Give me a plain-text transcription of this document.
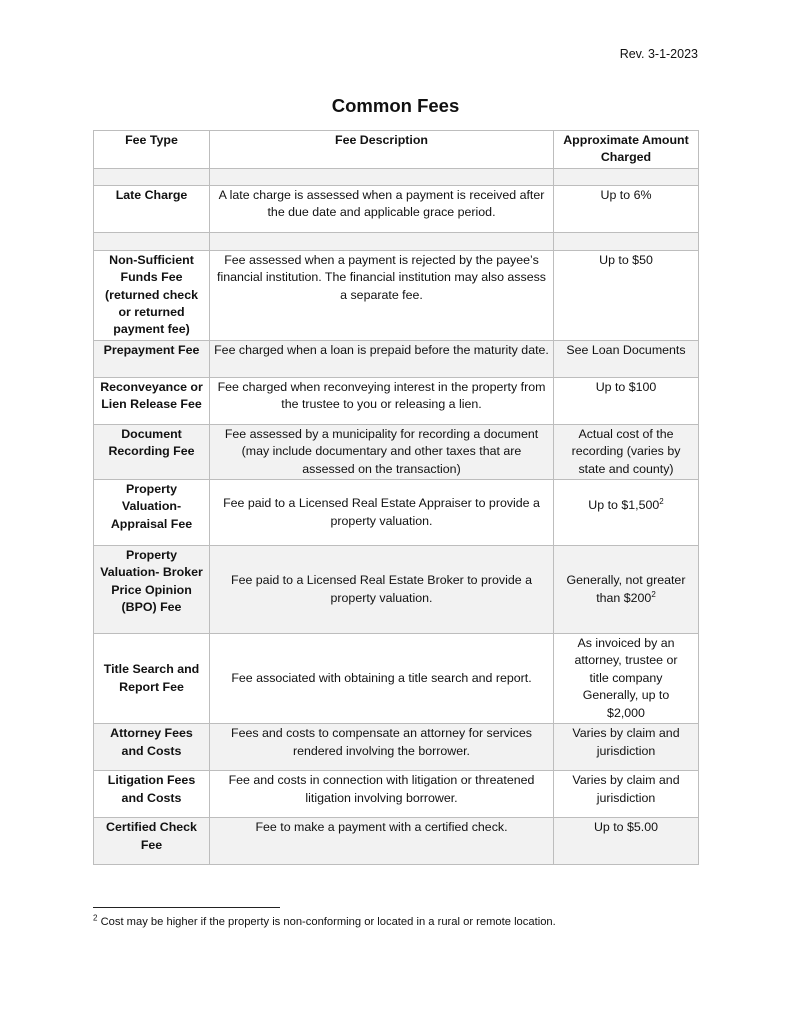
Rev. 3-1-2023
Common Fees
Fee Type	Fee Description	Approximate Amount Charged

Late Charge	A late charge is assessed when a payment is received after the due date and applicable grace period.	Up to 6%

Non-Sufficient Funds Fee (returned check or returned payment fee)	Fee assessed when a payment is rejected by the payee’s financial institution. The financial institution may also assess a separate fee.	Up to $50
Prepayment Fee	Fee charged when a loan is prepaid before the maturity date.	See Loan Documents
Reconveyance or Lien Release Fee	Fee charged when reconveying interest in the property from the trustee to you or releasing a lien.	Up to $100
Document Recording Fee	Fee assessed by a municipality for recording a document (may include documentary and other taxes that are assessed on the transaction)	Actual cost of the recording (varies by state and county)
Property Valuation- Appraisal Fee	Fee paid to a Licensed Real Estate Appraiser to provide a property valuation.	Up to $1,500$^2$
Property Valuation- Broker Price Opinion (BPO) Fee	Fee paid to a Licensed Real Estate Broker to provide a property valuation.	Generally, not greater than $\$200^2$
Title Search and Report Fee	Fee associated with obtaining a title search and report.	As invoiced by an attorney, trustee or title company Generally, up to $2,000
Attorney Fees and Costs	Fees and costs to compensate an attorney for services rendered involving the borrower.	Varies by claim and jurisdiction
Litigation Fees and Costs	Fee and costs in connection with litigation or threatened litigation involving borrower.	Varies by claim and jurisdiction
Certified Check Fee	Fee to make a payment with a certified check.	Up to $5.00
$^2$ Cost may be higher if the property is non-conforming or located in a rural or remote location.
